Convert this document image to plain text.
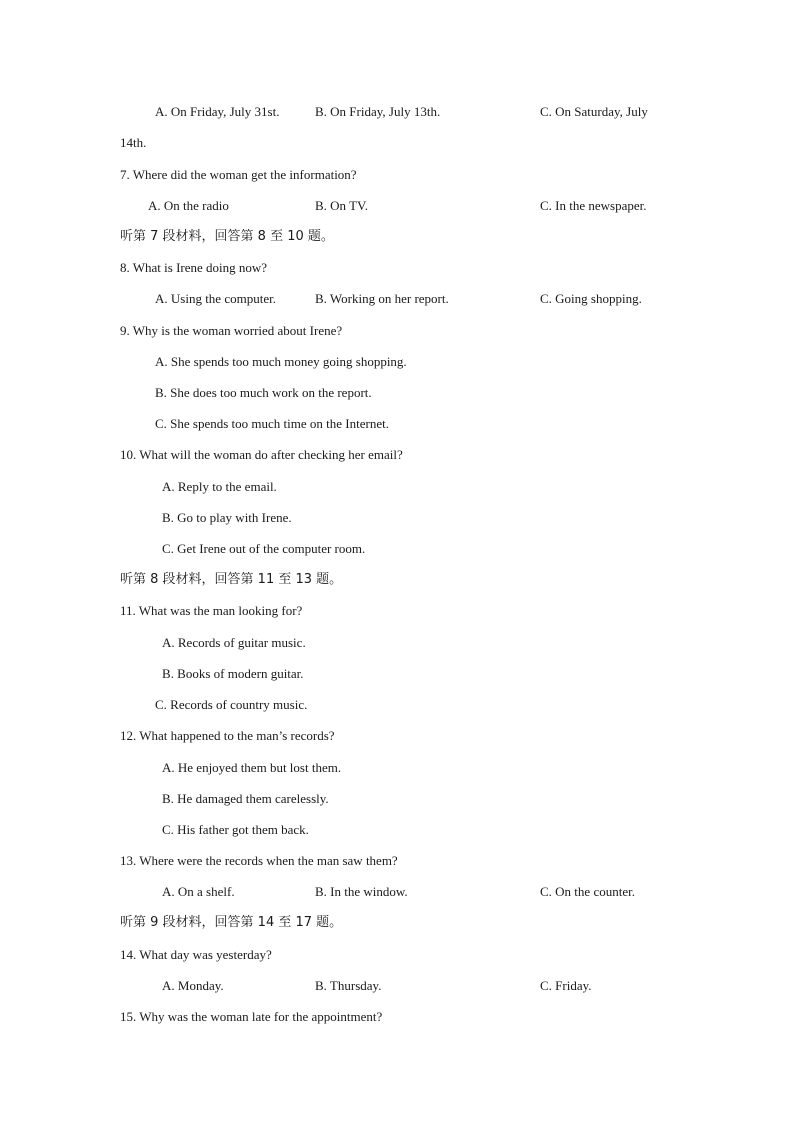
A. On Friday, July 31st.	B. On Friday, July 13th.	C. On Saturday, July
14th.
7. Where did the woman get the information?
A. On the radio	B. On TV.	C. In the newspaper.
听第 7 段材料，回答第 8 至 10 题。
8. What is Irene doing now?
A. Using the computer.	B. Working on her report.	C. Going shopping.
9. Why is the woman worried about Irene?
A. She spends too much money going shopping.
B. She does too much work on the report.
C. She spends too much time on the Internet.
10. What will the woman do after checking her email?
A. Reply to the email.
B. Go to play with Irene.
C. Get Irene out of the computer room.
听第 8 段材料，回答第 11 至 13 题。
11. What was the man looking for?
A. Records of guitar music.
B. Books of modern guitar.
C. Records of country music.
12. What happened to the man’s records?
A. He enjoyed them but lost them.
B. He damaged them carelessly.
C. His father got them back.
13. Where were the records when the man saw them?
A. On a shelf.	B. In the window.	C. On the counter.
听第 9 段材料，回答第 14 至 17 题。
14. What day was yesterday?
A. Monday.	B. Thursday.	C. Friday.
15. Why was the woman late for the appointment?
